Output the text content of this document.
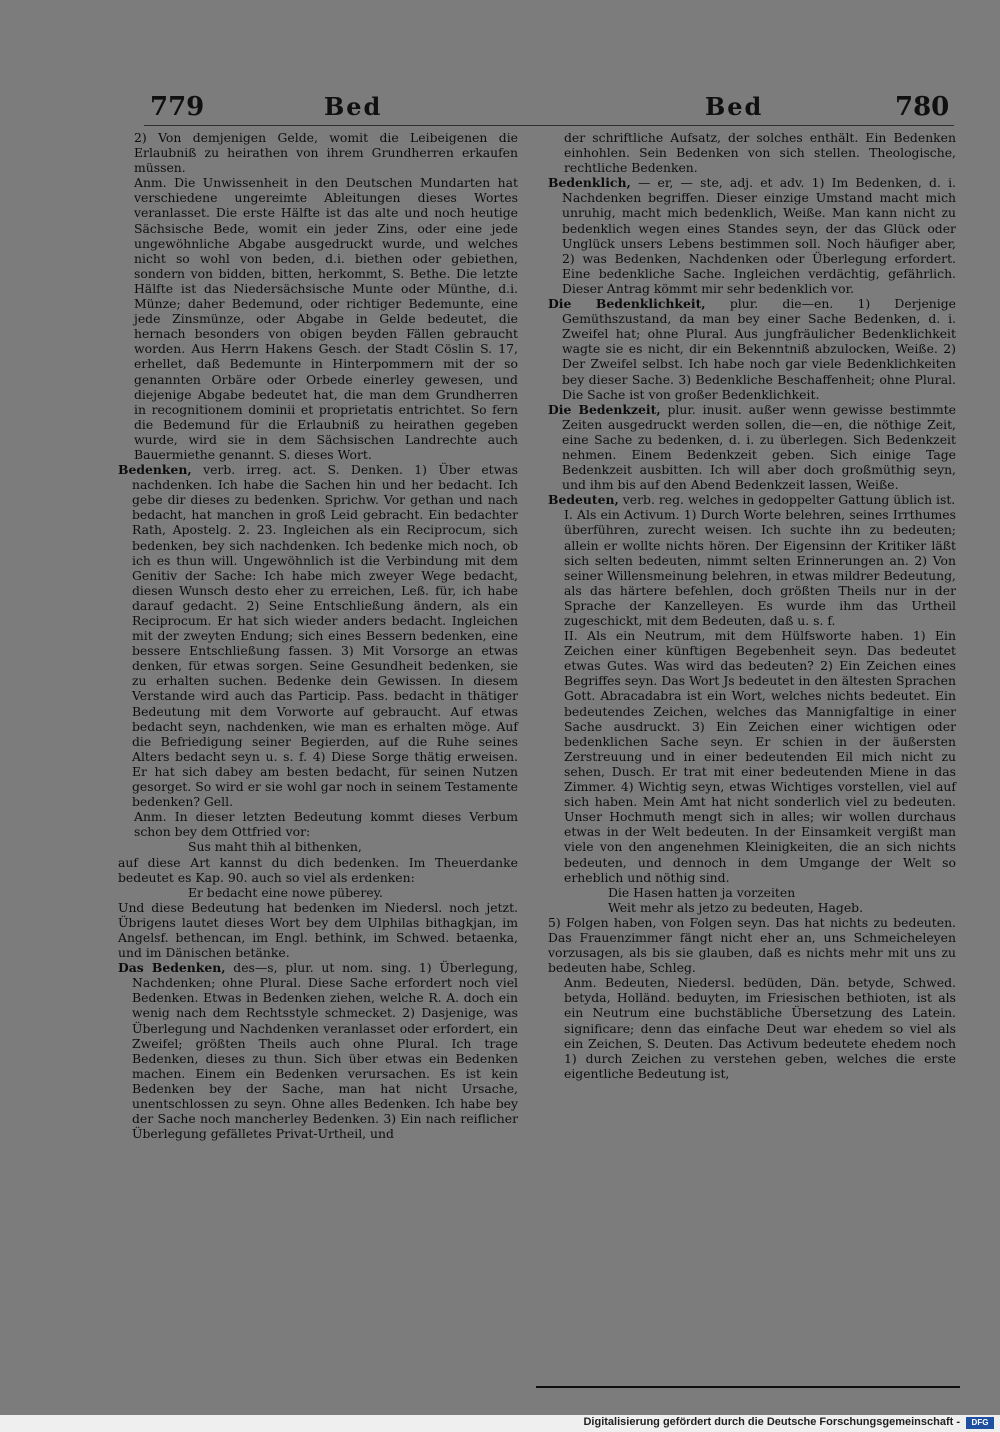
779	Bed	Bed	780

2) Von demjenigen Gelde, womit die Leibeigenen die Erlaubniß zu heirathen von ihrem Grundherren erkaufen müssen.

Anm. Die Unwissenheit in den Deutschen Mundarten hat verschiedene ungereimte Ableitungen dieses Wortes veranlasset. Die erste Hälfte ist das alte und noch heutige Sächsische Bede, womit ein jeder Zins, oder eine jede ungewöhnliche Abgabe ausgedruckt wurde, und welches nicht so wohl von beden, d.i. biethen oder gebiethen, sondern von bidden, bitten, herkommt, S. Bethe. Die letzte Hälfte ist das Niedersächsische Munte oder Münthe, d.i. Münze; daher Bedemund, oder richtiger Bedemunte, eine jede Zinsmünze, oder Abgabe in Gelde bedeutet, die hernach besonders von obigen beyden Fällen gebraucht worden. Aus Herrn Hakens Gesch. der Stadt Cöslin S. 17, erhellet, daß Bedemunte in Hinterpommern mit der so genannten Orbäre oder Orbede einerley gewesen, und diejenige Abgabe bedeutet hat, die man dem Grundherren in recognitionem dominii et proprietatis entrichtet. So fern die Bedemund für die Erlaubniß zu heirathen gegeben wurde, wird sie in dem Sächsischen Landrechte auch Bauermiethe genannt. S. dieses Wort.

Bedenken, verb. irreg. act. S. Denken. 1) Über etwas nachdenken. Ich habe die Sachen hin und her bedacht. Ich gebe dir dieses zu bedenken. Sprichw. Vor gethan und nach bedacht, hat manchen in groß Leid gebracht. Ein bedachter Rath, Apostelg. 2. 23. Ingleichen als ein Reciprocum, sich bedenken, bey sich nachdenken. Ich bedenke mich noch, ob ich es thun will. Ungewöhnlich ist die Verbindung mit dem Genitiv der Sache: Ich habe mich zweyer Wege bedacht, diesen Wunsch desto eher zu erreichen, Leß. für, ich habe darauf gedacht. 2) Seine Entschließung ändern, als ein Reciprocum. Er hat sich wieder anders bedacht. Ingleichen mit der zweyten Endung; sich eines Bessern bedenken, eine bessere Entschließung fassen. 3) Mit Vorsorge an etwas denken, für etwas sorgen. Seine Gesundheit bedenken, sie zu erhalten suchen. Bedenke dein Gewissen. In diesem Verstande wird auch das Particip. Pass. bedacht in thätiger Bedeutung mit dem Vorworte auf gebraucht. Auf etwas bedacht seyn, nachdenken, wie man es erhalten möge. Auf die Befriedigung seiner Begierden, auf die Ruhe seines Alters bedacht seyn u. s. f. 4) Diese Sorge thätig erweisen. Er hat sich dabey am besten bedacht, für seinen Nutzen gesorget. So wird er sie wohl gar noch in seinem Testamente bedenken? Gell.

Anm. In dieser letzten Bedeutung kommt dieses Verbum schon bey dem Ottfried vor:

Sus maht thih al bithenken,

auf diese Art kannst du dich bedenken. Im Theuerdanke bedeutet es Kap. 90. auch so viel als erdenken:

Er bedacht eine nowe püberey.

Und diese Bedeutung hat bedenken im Niedersl. noch jetzt. Übrigens lautet dieses Wort bey dem Ulphilas bithagkjan, im Angelsf. bethencan, im Engl. bethink, im Schwed. betaenka, und im Dänischen betänke.

Das Bedenken, des—s, plur. ut nom. sing. 1) Überlegung, Nachdenken; ohne Plural. Diese Sache erfordert noch viel Bedenken. Etwas in Bedenken ziehen, welche R. A. doch ein wenig nach dem Rechtsstyle schmecket. 2) Dasjenige, was Überlegung und Nachdenken veranlasset oder erfordert, ein Zweifel; größten Theils auch ohne Plural. Ich trage Bedenken, dieses zu thun. Sich über etwas ein Bedenken machen. Einem ein Bedenken verursachen. Es ist kein Bedenken bey der Sache, man hat nicht Ursache, unentschlossen zu seyn. Ohne alles Bedenken. Ich habe bey der Sache noch mancherley Bedenken. 3) Ein nach reiflicher Überlegung gefälletes Privat-Urtheil, und

der schriftliche Aufsatz, der solches enthält. Ein Bedenken einhohlen. Sein Bedenken von sich stellen. Theologische, rechtliche Bedenken.

Bedenklich, — er, — ste, adj. et adv. 1) Im Bedenken, d. i. Nachdenken begriffen. Dieser einzige Umstand macht mich unruhig, macht mich bedenklich, Weiße. Man kann nicht zu bedenklich wegen eines Standes seyn, der das Glück oder Unglück unsers Lebens bestimmen soll. Noch häufiger aber, 2) was Bedenken, Nachdenken oder Überlegung erfordert. Eine bedenkliche Sache. Ingleichen verdächtig, gefährlich. Dieser Antrag kömmt mir sehr bedenklich vor.

Die Bedenklichkeit, plur. die—en. 1) Derjenige Gemüthszustand, da man bey einer Sache Bedenken, d. i. Zweifel hat; ohne Plural. Aus jungfräulicher Bedenklichkeit wagte sie es nicht, dir ein Bekenntniß abzulocken, Weiße. 2) Der Zweifel selbst. Ich habe noch gar viele Bedenklichkeiten bey dieser Sache. 3) Bedenkliche Beschaffenheit; ohne Plural. Die Sache ist von großer Bedenklichkeit.

Die Bedenkzeit, plur. inusit. außer wenn gewisse bestimmte Zeiten ausgedruckt werden sollen, die—en, die nöthige Zeit, eine Sache zu bedenken, d. i. zu überlegen. Sich Bedenkzeit nehmen. Einem Bedenkzeit geben. Sich einige Tage Bedenkzeit ausbitten. Ich will aber doch großmüthig seyn, und ihm bis auf den Abend Bedenkzeit lassen, Weiße.

Bedeuten, verb. reg. welches in gedoppelter Gattung üblich ist.

I. Als ein Activum. 1) Durch Worte belehren, seines Irrthumes überführen, zurecht weisen. Ich suchte ihn zu bedeuten; allein er wollte nichts hören. Der Eigensinn der Kritiker läßt sich selten bedeuten, nimmt selten Erinnerungen an. 2) Von seiner Willensmeinung belehren, in etwas mildrer Bedeutung, als das härtere befehlen, doch größten Theils nur in der Sprache der Kanzelleyen. Es wurde ihm das Urtheil zugeschickt, mit dem Bedeuten, daß u. s. f.

II. Als ein Neutrum, mit dem Hülfsworte haben. 1) Ein Zeichen einer künftigen Begebenheit seyn. Das bedeutet etwas Gutes. Was wird das bedeuten? 2) Ein Zeichen eines Begriffes seyn. Das Wort Js bedeutet in den ältesten Sprachen Gott. Abracadabra ist ein Wort, welches nichts bedeutet. Ein bedeutendes Zeichen, welches das Mannigfaltige in einer Sache ausdruckt. 3) Ein Zeichen einer wichtigen oder bedenklichen Sache seyn. Er schien in der äußersten Zerstreuung und in einer bedeutenden Eil mich nicht zu sehen, Dusch. Er trat mit einer bedeutenden Miene in das Zimmer. 4) Wichtig seyn, etwas Wichtiges vorstellen, viel auf sich haben. Mein Amt hat nicht sonderlich viel zu bedeuten. Unser Hochmuth mengt sich in alles; wir wollen durchaus etwas in der Welt bedeuten. In der Einsamkeit vergißt man viele von den angenehmen Kleinigkeiten, die an sich nichts bedeuten, und dennoch in dem Umgange der Welt so erheblich und nöthig sind.

Die Hasen hatten ja vorzeiten

Weit mehr als jetzo zu bedeuten, Hageb.

5) Folgen haben, von Folgen seyn. Das hat nichts zu bedeuten. Das Frauenzimmer fängt nicht eher an, uns Schmeicheleyen vorzusagen, als bis sie glauben, daß es nichts mehr mit uns zu bedeuten habe, Schleg.

Anm. Bedeuten, Niedersl. bedüden, Dän. betyde, Schwed. betyda, Holländ. beduyten, im Friesischen bethioten, ist als ein Neutrum eine buchstäbliche Übersetzung des Latein. significare; denn das einfache Deut war ehedem so viel als ein Zeichen, S. Deuten. Das Activum bedeutete ehedem noch 1) durch Zeichen zu verstehen geben, welches die erste eigentliche Bedeutung ist,

Digitalisierung gefördert durch die Deutsche Forschungsgemeinschaft -	DFG
